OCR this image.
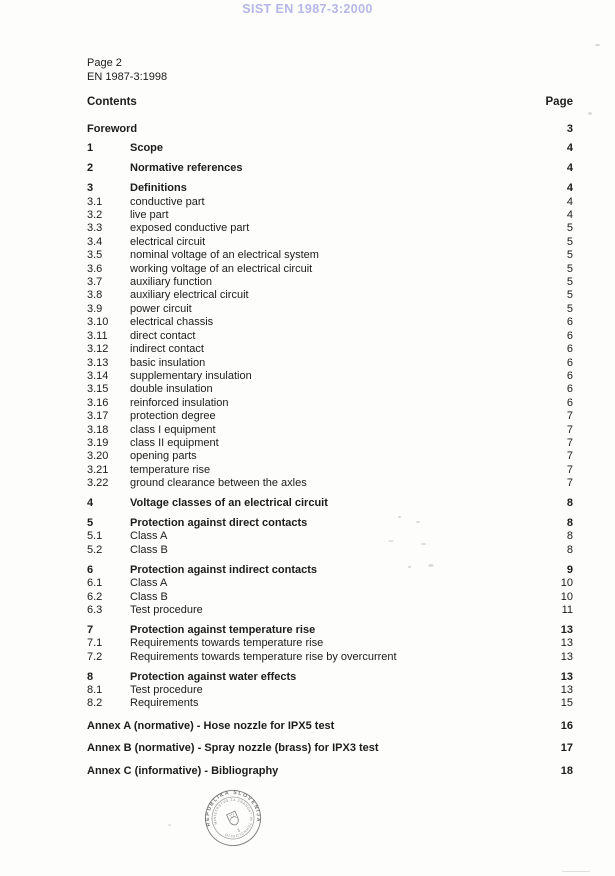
SIST EN 1987-3:2000
Page 2
EN 1987-3:1998
Contents	Page
Foreword	3
1	Scope	4
2	Normative references	4
3	Definitions	4
3.1	conductive part	4
3.2	live part	4
3.3	exposed conductive part	5
3.4	electrical circuit	5
3.5	nominal voltage of an electrical system	5
3.6	working voltage of an electrical circuit	5
3.7	auxiliary function	5
3.8	auxiliary electrical circuit	5
3.9	power circuit	5
3.10	electrical chassis	6
3.11	direct contact	6
3.12	indirect contact	6
3.13	basic insulation	6
3.14	supplementary insulation	6
3.15	double insulation	6
3.16	reinforced insulation	6
3.17	protection degree	7
3.18	class I equipment	7
3.19	class II equipment	7
3.20	opening parts	7
3.21	temperature rise	7
3.22	ground clearance between the axles	7
4	Voltage classes of an electrical circuit	8
5	Protection against direct contacts	8
5.1	Class A	8
5.2	Class B	8
6	Protection against indirect contacts	9
6.1	Class A	10
6.2	Class B	10
6.3	Test procedure	11
7	Protection against temperature rise	13
7.1	Requirements towards temperature rise	13
7.2	Requirements towards temperature rise by overcurrent	13
8	Protection against water effects	13
8.1	Test procedure	13
8.2	Requirements	15
Annex A (normative) - Hose nozzle for IPX5 test	16
Annex B (normative) - Spray nozzle (brass) for IPX3 test	17
Annex C (informative) - Bibliography	18
REPUBLIKA SLOVENIJA
MINISTRSTVO ZA ZNANOST IN TEHNOLOGIJO
3
